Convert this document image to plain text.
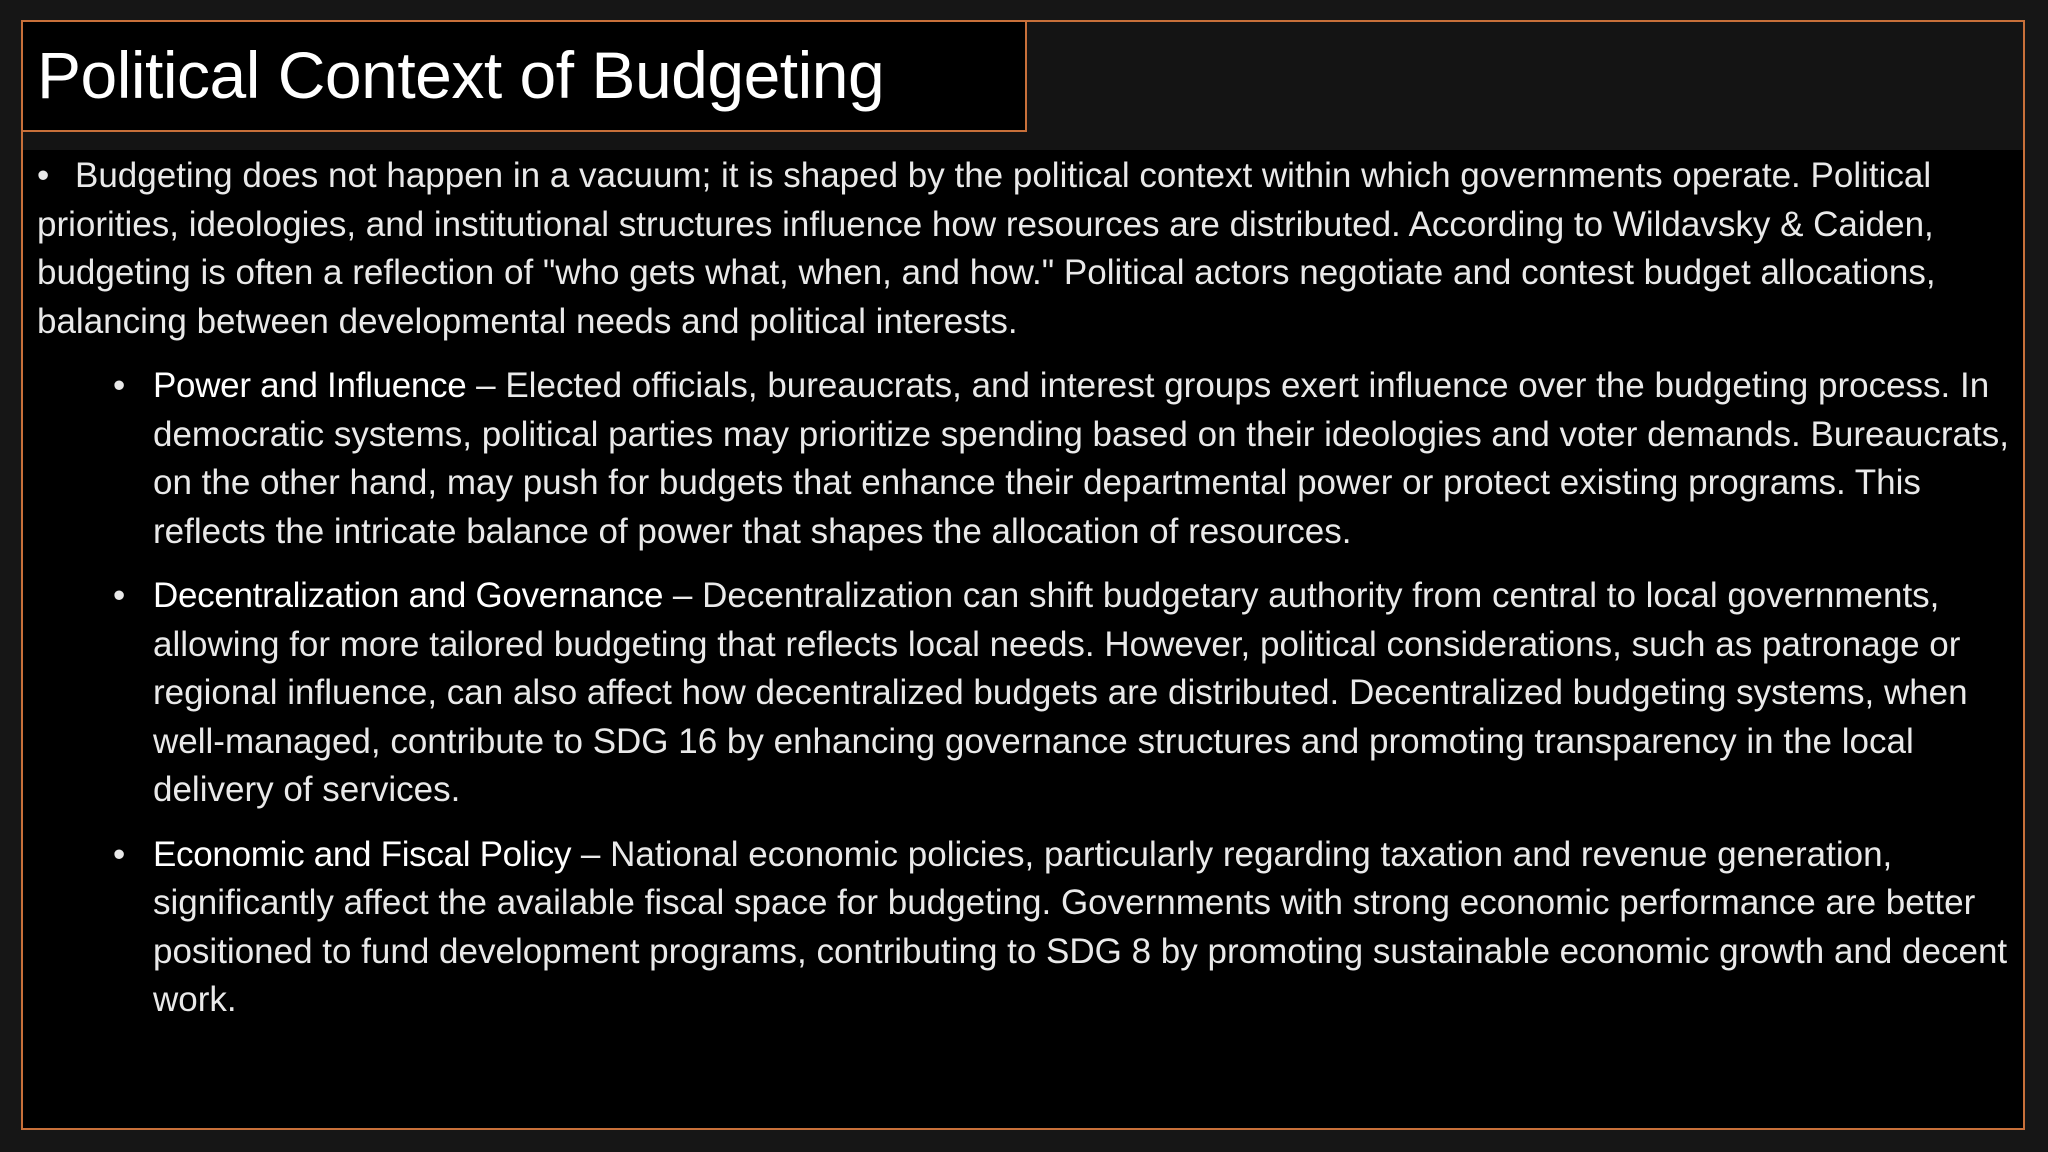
Political Context of Budgeting

• Budgeting does not happen in a vacuum; it is shaped by the political context within which governments operate. Political priorities, ideologies, and institutional structures influence how resources are distributed. According to Wildavsky & Caiden, budgeting is often a reflection of "who gets what, when, and how." Political actors negotiate and contest budget allocations, balancing between developmental needs and political interests.

• Power and Influence – Elected officials, bureaucrats, and interest groups exert influence over the budgeting process. In democratic systems, political parties may prioritize spending based on their ideologies and voter demands. Bureaucrats, on the other hand, may push for budgets that enhance their departmental power or protect existing programs. This reflects the intricate balance of power that shapes the allocation of resources.
• Decentralization and Governance – Decentralization can shift budgetary authority from central to local governments, allowing for more tailored budgeting that reflects local needs. However, political considerations, such as patronage or regional influence, can also affect how decentralized budgets are distributed. Decentralized budgeting systems, when well-managed, contribute to SDG 16 by enhancing governance structures and promoting transparency in the local delivery of services.
• Economic and Fiscal Policy – National economic policies, particularly regarding taxation and revenue generation, significantly affect the available fiscal space for budgeting. Governments with strong economic performance are better positioned to fund development programs, contributing to SDG 8 by promoting sustainable economic growth and decent work.
